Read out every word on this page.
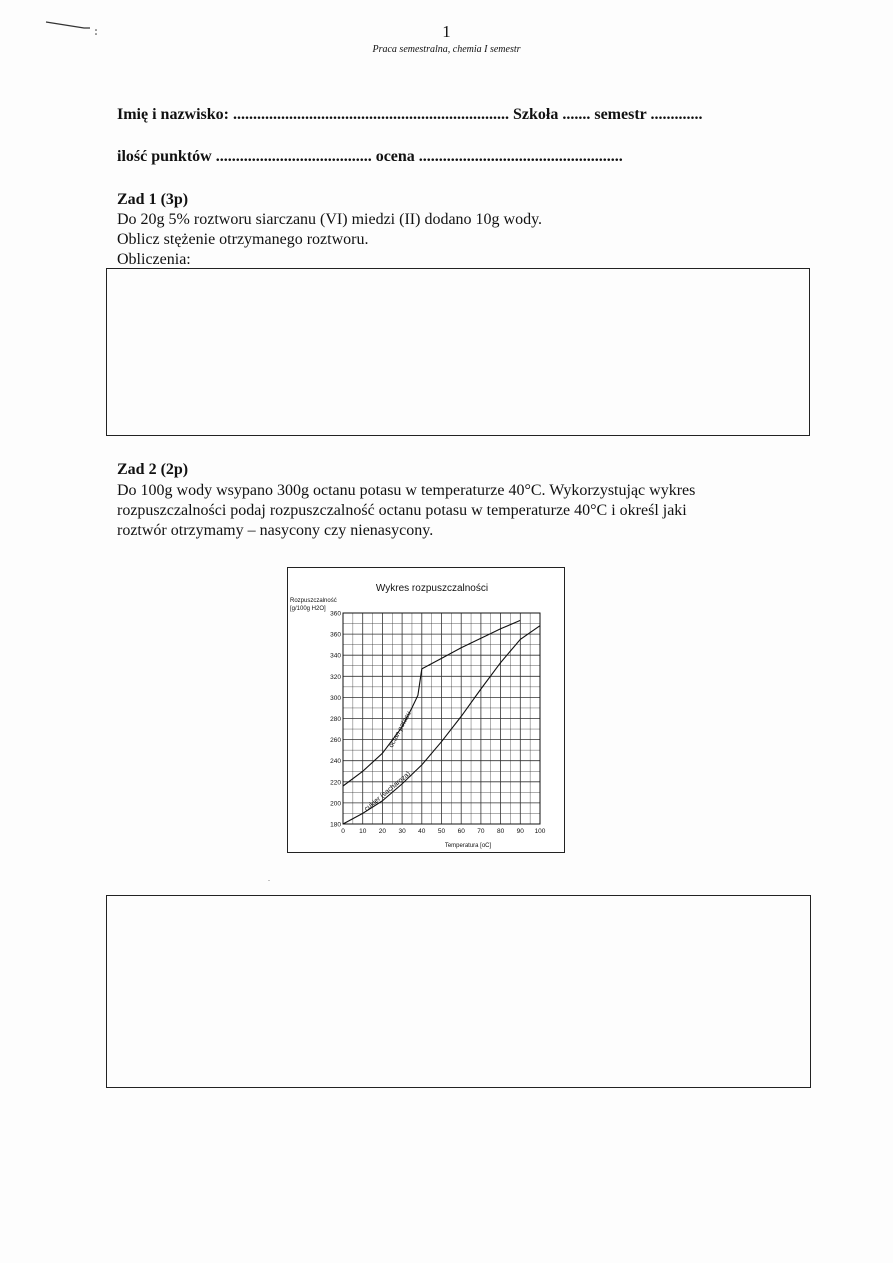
1
Praca semestralna, chemia I semestr
Imię i nazwisko: ..................................................................... Szkoła ....... semestr .............
ilość punktów ....................................... ocena ...................................................
Zad 1 (3p)
Do 20g 5% roztworu siarczanu (VI) miedzi (II) dodano 10g wody.
Oblicz stężenie otrzymanego roztworu.
Obliczenia:
Zad 2 (2p)
Do 100g wody wsypano 300g octanu potasu w temperaturze 40°C. Wykorzystując wykres
rozpuszczalności podaj rozpuszczalność octanu potasu w temperaturze 40°C i określ jaki
roztwór otrzymamy – nasycony czy nienasycony.
Wykres rozpuszczalności
Rozpuszczalność
[g/100g H2O]
Temperatura [oC]
0 10 20 30 40 50 60 70 80 90 100
180
200
220
240
260
280
300
320
340
360
360
octan potasu
cukier (sacharoza)
.
